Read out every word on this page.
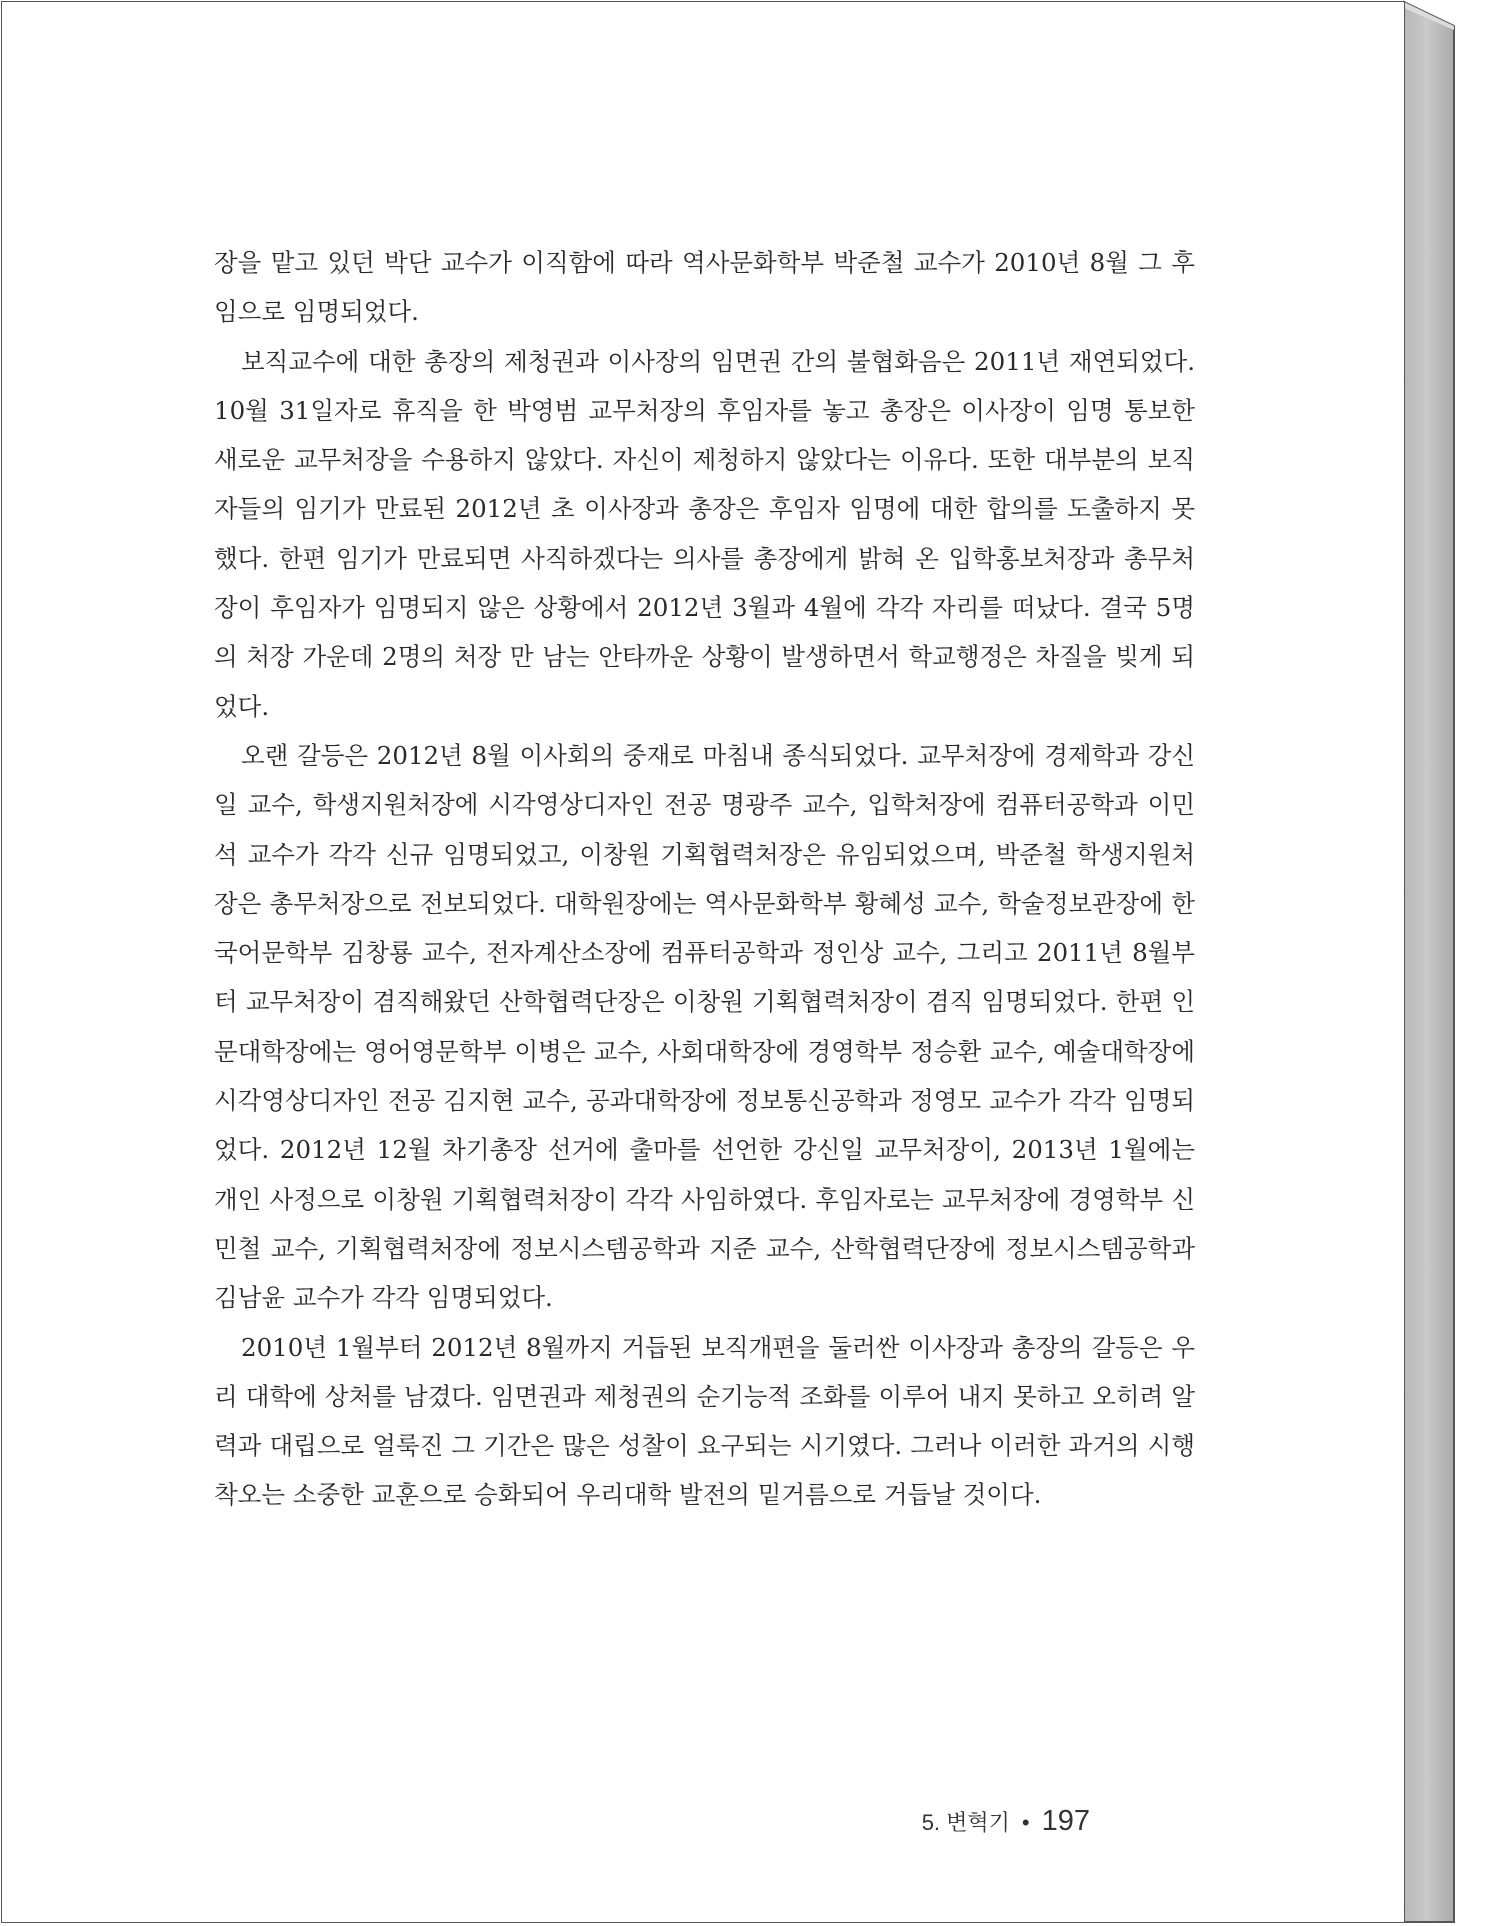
장을 맡고 있던 박단 교수가 이직함에 따라 역사문화학부 박준철 교수가 2010년 8월 그 후임으로 임명되었다.

보직교수에 대한 총장의 제청권과 이사장의 임면권 간의 불협화음은 2011년 재연되었다. 10월 31일자로 휴직을 한 박영범 교무처장의 후임자를 놓고 총장은 이사장이 임명 통보한 새로운 교무처장을 수용하지 않았다. 자신이 제청하지 않았다는 이유다. 또한 대부분의 보직자들의 임기가 만료된 2012년 초 이사장과 총장은 후임자 임명에 대한 합의를 도출하지 못했다. 한편 임기가 만료되면 사직하겠다는 의사를 총장에게 밝혀 온 입학홍보처장과 총무처장이 후임자가 임명되지 않은 상황에서 2012년 3월과 4월에 각각 자리를 떠났다. 결국 5명의 처장 가운데 2명의 처장 만 남는 안타까운 상황이 발생하면서 학교행정은 차질을 빚게 되었다.

오랜 갈등은 2012년 8월 이사회의 중재로 마침내 종식되었다. 교무처장에 경제학과 강신일 교수, 학생지원처장에 시각영상디자인 전공 명광주 교수, 입학처장에 컴퓨터공학과 이민석 교수가 각각 신규 임명되었고, 이창원 기획협력처장은 유임되었으며, 박준철 학생지원처장은 총무처장으로 전보되었다. 대학원장에는 역사문화학부 황혜성 교수, 학술정보관장에 한국어문학부 김창룡 교수, 전자계산소장에 컴퓨터공학과 정인상 교수, 그리고 2011년 8월부터 교무처장이 겸직해왔던 산학협력단장은 이창원 기획협력처장이 겸직 임명되었다. 한편 인문대학장에는 영어영문학부 이병은 교수, 사회대학장에 경영학부 정승환 교수, 예술대학장에 시각영상디자인 전공 김지현 교수, 공과대학장에 정보통신공학과 정영모 교수가 각각 임명되었다. 2012년 12월 차기총장 선거에 출마를 선언한 강신일 교무처장이, 2013년 1월에는 개인 사정으로 이창원 기획협력처장이 각각 사임하였다. 후임자로는 교무처장에 경영학부 신민철 교수, 기획협력처장에 정보시스템공학과 지준 교수, 산학협력단장에 정보시스템공학과 김남윤 교수가 각각 임명되었다.

2010년 1월부터 2012년 8월까지 거듭된 보직개편을 둘러싼 이사장과 총장의 갈등은 우리 대학에 상처를 남겼다. 임면권과 제청권의 순기능적 조화를 이루어 내지 못하고 오히려 알력과 대립으로 얼룩진 그 기간은 많은 성찰이 요구되는 시기였다. 그러나 이러한 과거의 시행착오는 소중한 교훈으로 승화되어 우리대학 발전의 밑거름으로 거듭날 것이다.

5. 변혁기 • 197
